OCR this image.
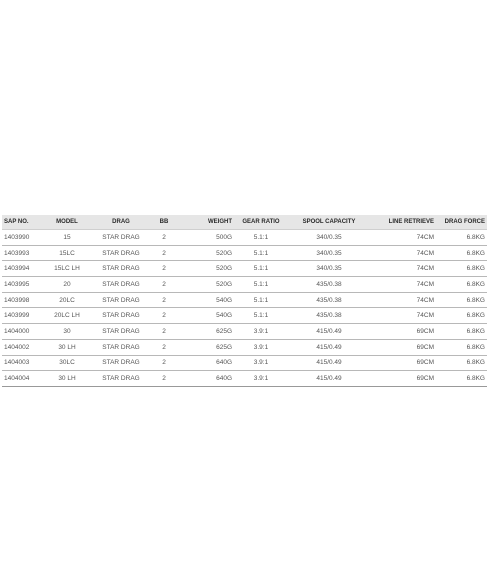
SAP NO.	MODEL	DRAG	BB	WEIGHT	GEAR RATIO	SPOOL CAPACITY	LINE RETRIEVE	DRAG FORCE
1403990	15	STAR DRAG	2	500G	5.1:1	340/0.35	74CM	6.8KG
1403993	15LC	STAR DRAG	2	520G	5.1:1	340/0.35	74CM	6.8KG
1403994	15LC LH	STAR DRAG	2	520G	5.1:1	340/0.35	74CM	6.8KG
1403995	20	STAR DRAG	2	520G	5.1:1	435/0.38	74CM	6.8KG
1403998	20LC	STAR DRAG	2	540G	5.1:1	435/0.38	74CM	6.8KG
1403999	20LC LH	STAR DRAG	2	540G	5.1:1	435/0.38	74CM	6.8KG
1404000	30	STAR DRAG	2	625G	3.9:1	415/0.49	69CM	6.8KG
1404002	30 LH	STAR DRAG	2	625G	3.9:1	415/0.49	69CM	6.8KG
1404003	30LC	STAR DRAG	2	640G	3.9:1	415/0.49	69CM	6.8KG
1404004	30 LH	STAR DRAG	2	640G	3.9:1	415/0.49	69CM	6.8KG
